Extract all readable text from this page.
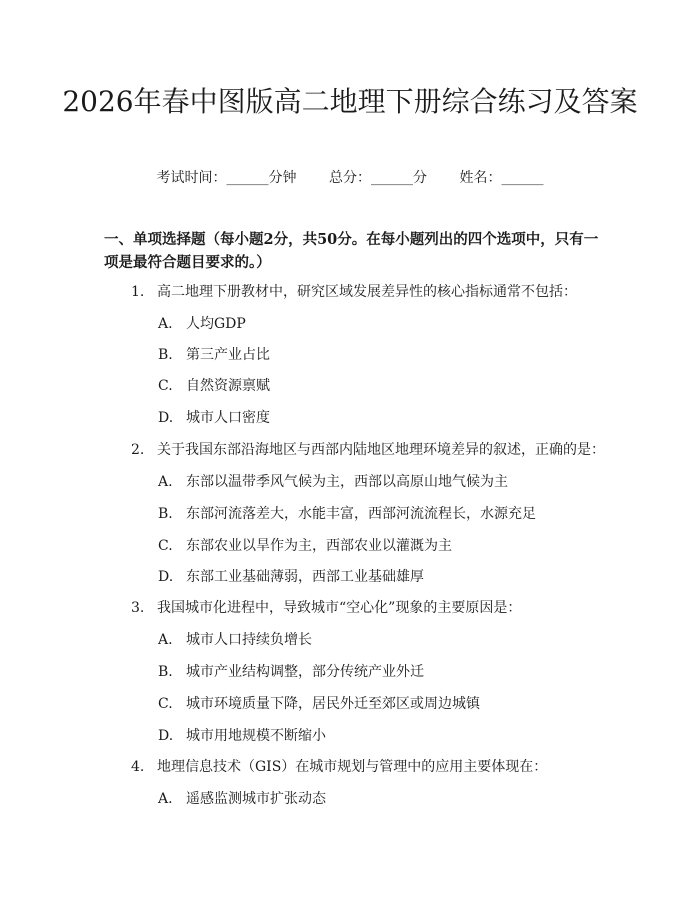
2026年春中图版高二地理下册综合练习及答案
考试时间：______分钟 总分：______分 姓名：______

一、单项选择题（每小题2分，共50分。在每小题列出的四个选项中，只有一项是最符合题目要求的。）

1. 高二地理下册教材中，研究区域发展差异性的核心指标通常不包括：
A. 人均GDP
B. 第三产业占比
C. 自然资源禀赋
D. 城市人口密度
2. 关于我国东部沿海地区与西部内陆地区地理环境差异的叙述，正确的是：
A. 东部以温带季风气候为主，西部以高原山地气候为主
B. 东部河流落差大，水能丰富，西部河流流程长，水源充足
C. 东部农业以旱作为主，西部农业以灌溉为主
D. 东部工业基础薄弱，西部工业基础雄厚
3. 我国城市化进程中，导致城市“空心化”现象的主要原因是：
A. 城市人口持续负增长
B. 城市产业结构调整，部分传统产业外迁
C. 城市环境质量下降，居民外迁至郊区或周边城镇
D. 城市用地规模不断缩小
4. 地理信息技术（GIS）在城市规划与管理中的应用主要体现在：
A. 遥感监测城市扩张动态
